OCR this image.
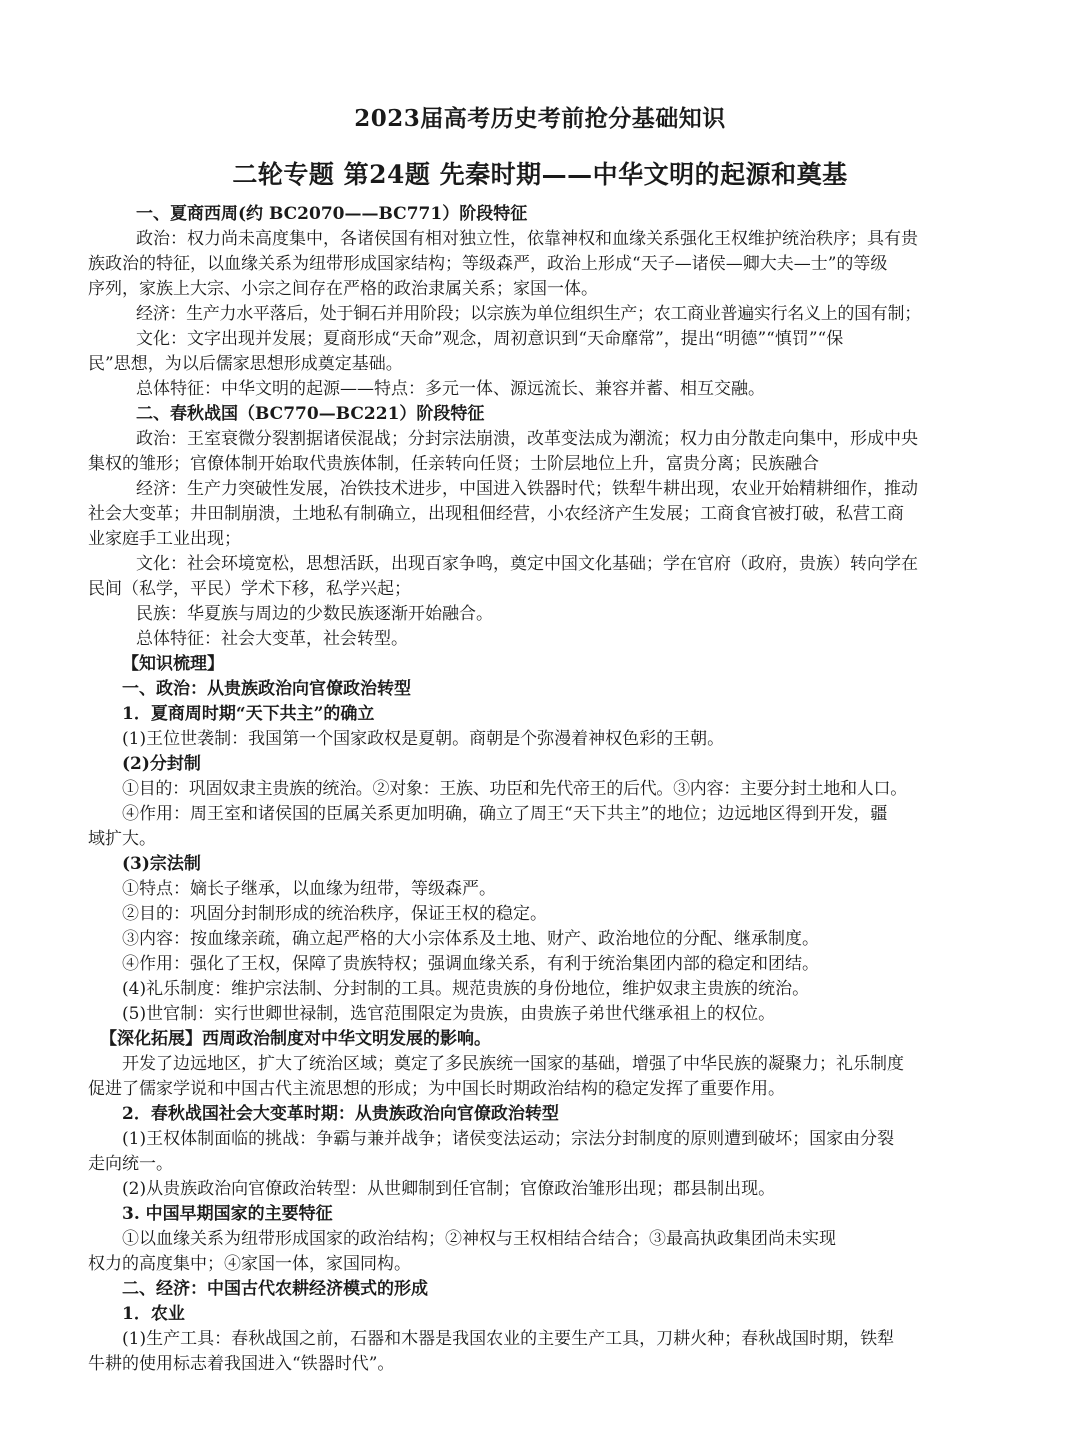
2023届高考历史考前抢分基础知识
二轮专题 第24题 先秦时期——中华文明的起源和奠基
一、夏商西周(约 BC2070——BC771）阶段特征
政治：权力尚未高度集中，各诸侯国有相对独立性，依靠神权和血缘关系强化王权维护统治秩序；具有贵
族政治的特征，以血缘关系为纽带形成国家结构；等级森严，政治上形成“天子—诸侯—卿大夫—士”的等级
序列，家族上大宗、小宗之间存在严格的政治隶属关系；家国一体。
经济：生产力水平落后，处于铜石并用阶段；以宗族为单位组织生产；农工商业普遍实行名义上的国有制；
文化：文字出现并发展；夏商形成“天命”观念，周初意识到“天命靡常”，提出“明德”“慎罚”“保
民”思想，为以后儒家思想形成奠定基础。
总体特征：中华文明的起源——特点：多元一体、源远流长、兼容并蓄、相互交融。
二、春秋战国（BC770—BC221）阶段特征
政治：王室衰微分裂割据诸侯混战；分封宗法崩溃，改革变法成为潮流；权力由分散走向集中，形成中央
集权的雏形；官僚体制开始取代贵族体制，任亲转向任贤；士阶层地位上升，富贵分离；民族融合
经济：生产力突破性发展，冶铁技术进步，中国进入铁器时代；铁犁牛耕出现，农业开始精耕细作，推动
社会大变革；井田制崩溃，土地私有制确立，出现租佃经营，小农经济产生发展；工商食官被打破，私营工商
业家庭手工业出现；
文化：社会环境宽松，思想活跃，出现百家争鸣，奠定中国文化基础；学在官府（政府，贵族）转向学在
民间（私学，平民）学术下移，私学兴起；
民族：华夏族与周边的少数民族逐渐开始融合。
总体特征：社会大变革，社会转型。
【知识梳理】
一、政治：从贵族政治向官僚政治转型
1．夏商周时期“天下共主”的确立
(1)王位世袭制：我国第一个国家政权是夏朝。商朝是个弥漫着神权色彩的王朝。
(2)分封制
①目的：巩固奴隶主贵族的统治。②对象：王族、功臣和先代帝王的后代。③内容：主要分封土地和人口。
④作用：周王室和诸侯国的臣属关系更加明确，确立了周王“天下共主”的地位；边远地区得到开发，疆
域扩大。
(3)宗法制
①特点：嫡长子继承，以血缘为纽带，等级森严。
②目的：巩固分封制形成的统治秩序，保证王权的稳定。
③内容：按血缘亲疏，确立起严格的大小宗体系及土地、财产、政治地位的分配、继承制度。
④作用：强化了王权，保障了贵族特权；强调血缘关系，有利于统治集团内部的稳定和团结。
(4)礼乐制度：维护宗法制、分封制的工具。规范贵族的身份地位，维护奴隶主贵族的统治。
(5)世官制：实行世卿世禄制，选官范围限定为贵族，由贵族子弟世代继承祖上的权位。
【深化拓展】西周政治制度对中华文明发展的影响。
开发了边远地区，扩大了统治区域；奠定了多民族统一国家的基础，增强了中华民族的凝聚力；礼乐制度
促进了儒家学说和中国古代主流思想的形成；为中国长时期政治结构的稳定发挥了重要作用。
2．春秋战国社会大变革时期：从贵族政治向官僚政治转型
(1)王权体制面临的挑战：争霸与兼并战争；诸侯变法运动；宗法分封制度的原则遭到破坏；国家由分裂
走向统一。
(2)从贵族政治向官僚政治转型：从世卿制到任官制；官僚政治雏形出现；郡县制出现。
3. 中国早期国家的主要特征
①以血缘关系为纽带形成国家的政治结构；②神权与王权相结合结合；③最高执政集团尚未实现
权力的高度集中；④家国一体，家国同构。
二、经济：中国古代农耕经济模式的形成
1．农业
(1)生产工具：春秋战国之前，石器和木器是我国农业的主要生产工具，刀耕火种；春秋战国时期，铁犁
牛耕的使用标志着我国进入“铁器时代”。
